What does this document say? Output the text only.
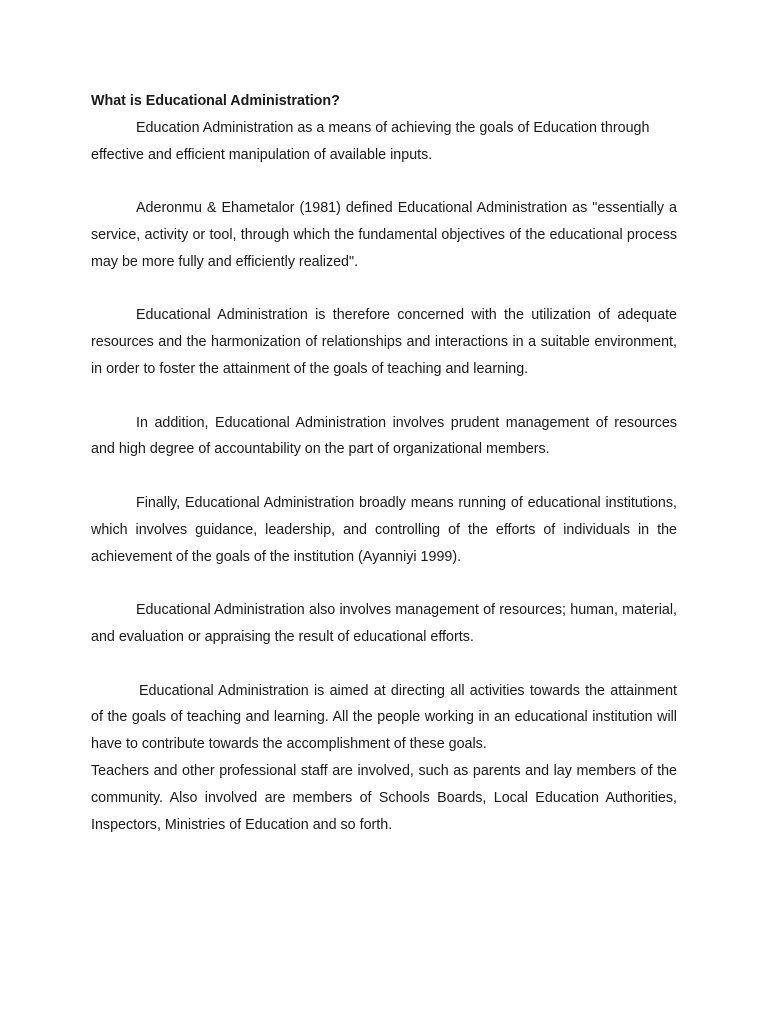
What is Educational Administration?

Education Administration as a means of achieving the goals of Education through effective and efficient manipulation of available inputs.

Aderonmu & Ehametalor (1981) defined Educational Administration as "essentially a service, activity or tool, through which the fundamental objectives of the educational process may be more fully and efficiently realized".

Educational Administration is therefore concerned with the utilization of adequate resources and the harmonization of relationships and interactions in a suitable environment, in order to foster the attainment of the goals of teaching and learning.

In addition, Educational Administration involves prudent management of resources and high degree of accountability on the part of organizational members.

Finally, Educational Administration broadly means running of educational institutions, which involves guidance, leadership, and controlling of the efforts of individuals in the achievement of the goals of the institution (Ayanniyi 1999).

Educational Administration also involves management of resources; human, material, and evaluation or appraising the result of educational efforts.

Educational Administration is aimed at directing all activities towards the attainment of the goals of teaching and learning. All the people working in an educational institution will have to contribute towards the accomplishment of these goals.

Teachers and other professional staff are involved, such as parents and lay members of the community. Also involved are members of Schools Boards, Local Education Authorities, Inspectors, Ministries of Education and so forth.
